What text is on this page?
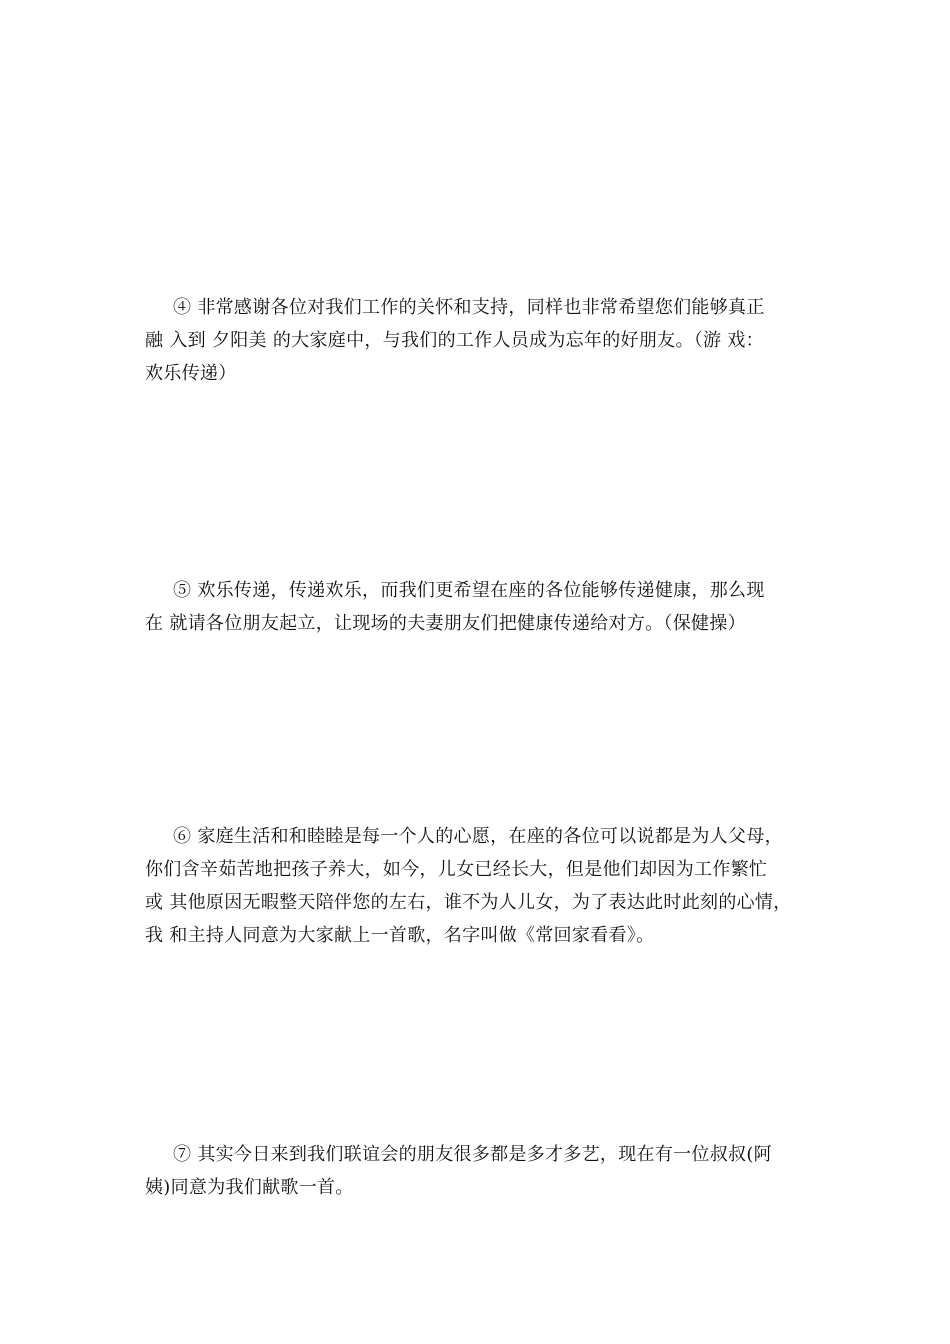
④ 非常感谢各位对我们工作的关怀和支持，同样也非常希望您们能够真正
融 入到 夕阳美 的大家庭中，与我们的工作人员成为忘年的好朋友。（游 戏：
欢乐传递）
⑤ 欢乐传递，传递欢乐，而我们更希望在座的各位能够传递健康，那么现
在 就请各位朋友起立，让现场的夫妻朋友们把健康传递给对方。（保健操）
⑥ 家庭生活和和睦睦是每一个人的心愿，在座的各位可以说都是为人父母，
你们含辛茹苦地把孩子养大，如今，儿女已经长大，但是他们却因为工作繁忙
或 其他原因无暇整天陪伴您的左右，谁不为人儿女，为了表达此时此刻的心情，
我 和主持人同意为大家献上一首歌，名字叫做《常回家看看》。
⑦ 其实今日来到我们联谊会的朋友很多都是多才多艺，现在有一位叔叔(阿
姨)同意为我们献歌一首。
